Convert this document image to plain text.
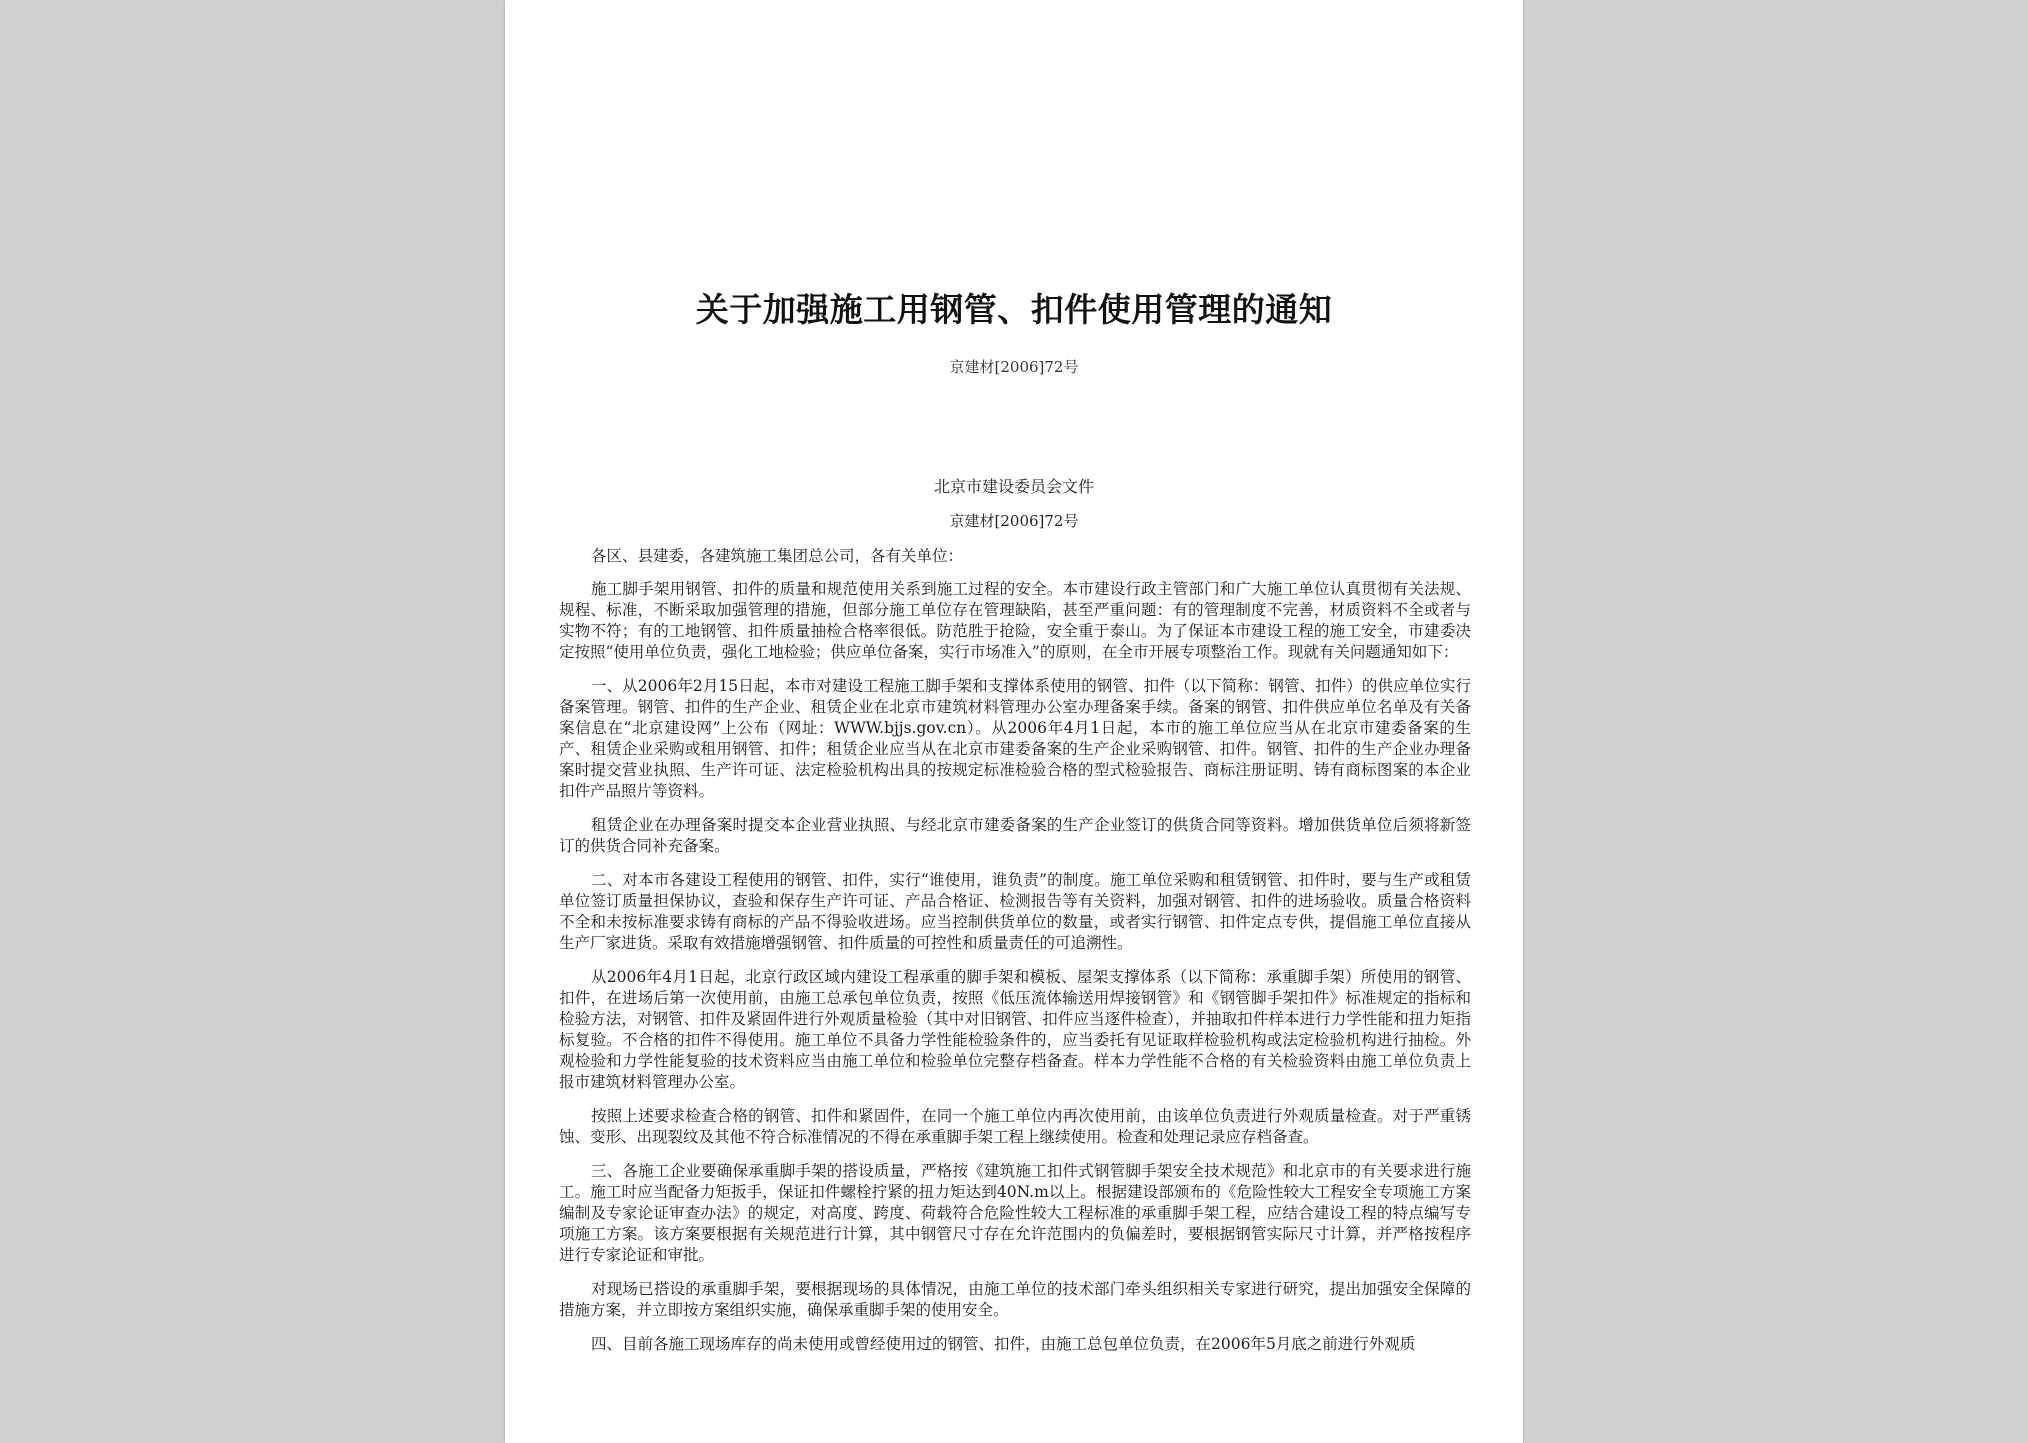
关于加强施工用钢管、扣件使用管理的通知
京建材[2006]72号
北京市建设委员会文件
京建材[2006]72号

各区、县建委，各建筑施工集团总公司，各有关单位：

施工脚手架用钢管、扣件的质量和规范使用关系到施工过程的安全。本市建设行政主管部门和广大施工单位认真贯彻有关法规、规程、标准，不断采取加强管理的措施，但部分施工单位存在管理缺陷，甚至严重问题：有的管理制度不完善，材质资料不全或者与实物不符；有的工地钢管、扣件质量抽检合格率很低。防范胜于抢险，安全重于泰山。为了保证本市建设工程的施工安全，市建委决定按照“使用单位负责，强化工地检验；供应单位备案，实行市场准入”的原则，在全市开展专项整治工作。现就有关问题通知如下：

一、从2006年2月15日起，本市对建设工程施工脚手架和支撑体系使用的钢管、扣件（以下简称：钢管、扣件）的供应单位实行备案管理。钢管、扣件的生产企业、租赁企业在北京市建筑材料管理办公室办理备案手续。备案的钢管、扣件供应单位名单及有关备案信息在“北京建设网”上公布（网址：WWW.bjjs.gov.cn）。从2006年4月1日起，本市的施工单位应当从在北京市建委备案的生产、租赁企业采购或租用钢管、扣件；租赁企业应当从在北京市建委备案的生产企业采购钢管、扣件。钢管、扣件的生产企业办理备案时提交营业执照、生产许可证、法定检验机构出具的按规定标准检验合格的型式检验报告、商标注册证明、铸有商标图案的本企业扣件产品照片等资料。

租赁企业在办理备案时提交本企业营业执照、与经北京市建委备案的生产企业签订的供货合同等资料。增加供货单位后须将新签订的供货合同补充备案。

二、对本市各建设工程使用的钢管、扣件，实行“谁使用，谁负责”的制度。施工单位采购和租赁钢管、扣件时，要与生产或租赁单位签订质量担保协议，查验和保存生产许可证、产品合格证、检测报告等有关资料，加强对钢管、扣件的进场验收。质量合格资料不全和未按标准要求铸有商标的产品不得验收进场。应当控制供货单位的数量，或者实行钢管、扣件定点专供，提倡施工单位直接从生产厂家进货。采取有效措施增强钢管、扣件质量的可控性和质量责任的可追溯性。

从2006年4月1日起，北京行政区域内建设工程承重的脚手架和模板、屋架支撑体系（以下简称：承重脚手架）所使用的钢管、扣件，在进场后第一次使用前，由施工总承包单位负责，按照《低压流体输送用焊接钢管》和《钢管脚手架扣件》标准规定的指标和检验方法，对钢管、扣件及紧固件进行外观质量检验（其中对旧钢管、扣件应当逐件检查），并抽取扣件样本进行力学性能和扭力矩指标复验。不合格的扣件不得使用。施工单位不具备力学性能检验条件的，应当委托有见证取样检验机构或法定检验机构进行抽检。外观检验和力学性能复验的技术资料应当由施工单位和检验单位完整存档备查。样本力学性能不合格的有关检验资料由施工单位负责上报市建筑材料管理办公室。

按照上述要求检查合格的钢管、扣件和紧固件，在同一个施工单位内再次使用前，由该单位负责进行外观质量检查。对于严重锈蚀、变形、出现裂纹及其他不符合标准情况的不得在承重脚手架工程上继续使用。检查和处理记录应存档备查。

三、各施工企业要确保承重脚手架的搭设质量，严格按《建筑施工扣件式钢管脚手架安全技术规范》和北京市的有关要求进行施工。施工时应当配备力矩扳手，保证扣件螺栓拧紧的扭力矩达到40N.m以上。根据建设部颁布的《危险性较大工程安全专项施工方案编制及专家论证审查办法》的规定，对高度、跨度、荷载符合危险性较大工程标准的承重脚手架工程，应结合建设工程的特点编写专项施工方案。该方案要根据有关规范进行计算，其中钢管尺寸存在允许范围内的负偏差时，要根据钢管实际尺寸计算，并严格按程序进行专家论证和审批。

对现场已搭设的承重脚手架，要根据现场的具体情况，由施工单位的技术部门牵头组织相关专家进行研究，提出加强安全保障的措施方案，并立即按方案组织实施，确保承重脚手架的使用安全。

四、目前各施工现场库存的尚未使用或曾经使用过的钢管、扣件，由施工总包单位负责，在2006年5月底之前进行外观质
